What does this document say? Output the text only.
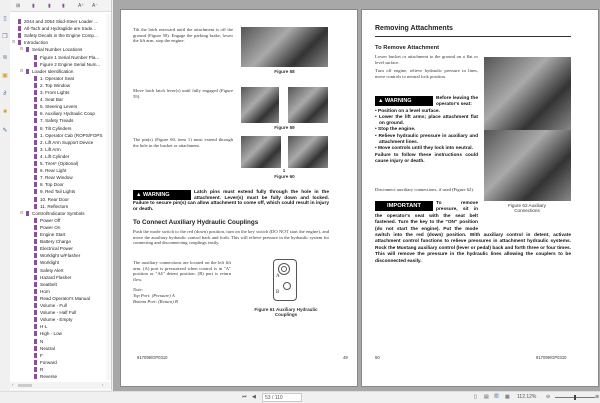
▯
❐
≋
▣
∂
■
✎
⊞ ▮	▮ ▮	A⁺ A⁻
2044 and 2054 Skid-Steer Loader ...
All-Tach and Hydraglide are trade...
Safety Decals in the Engine Comp...
Introduction
⊟
Serial Number Locations
⊟
Figure 1 Serial Number Pla...
Figure 2 Engine Serial Num...
Loader Identification
⊟
1. Operator Seat
2. Top Window
3. Front Lights
4. Seat Bar
5. Steering Levers
6. Auxiliary Hydraulic Coup
7. Safety Treads
8. Tilt Cylinders
1. Operator Cab (ROPS/FOPS
2. Lift Arm Support Device
3. Lift Arm
4. Lift Cylinder
5. Tires* (Optional)
6. Rear Light
7. Rear Window
8. Top Door
9. Red Tail Lights
10. Rear Door
11. Reflectors
Control/Indicator Symbols
⊟
Power Off
Power On
Engine Start
Battery Charge
Electrical Power
Worklight w/Flasher
Worklight
Safety Alert
Hazard Flasher
Seatbelt
Horn
Read Operator's Manual
Volume - Full
Volume - Half Full
Volume - Empty
H-L
High - Low
N
Neutral
F
Forward
R
Reverse
‹	›
Tilt the latch rearward until the attachment is off the ground (Figure 58). Engage the parking brake, lower the lift arm, stop the engine.
Figure 58
Move latch latch lever(s) until fully engaged (Figure 59).
Figure 59
The pin(s) (Figure 60, item 1) must extend through the hole in the bucket or attachment.
1
Figure 60
▲ WARNING	Latch pins must extend fully through the hole in the attachment. Lever(s) must be fully down and locked. Failure to secure pin(s) can allow attachment to come off, which could result in injury or death.
To Connect Auxiliary Hydraulic Couplings
Push the mode switch to the red (down) position, turn on the key switch (DO NOT start the engine), and move the auxiliary hydraulic control back and forth. This will relieve pressure in the hydraulic system for connecting and disconnecting couplings easily.
The auxiliary connections are located on the left lift arm. (A) port is pressurized when control is in "A" position or "Aδ" detent position. (B) port is return flow.
Note:
Top Port: (Pressure) A
Bottom Port: (Return) B
A
B
Figure 61 Auxiliary Hydraulic Couplings
917099/GP0310	49
Removing Attachments
To Remove Attachment
Lower bucket or attachment to the ground on a flat or level surface.
Turn off engine, relieve hydraulic pressure in lines, move controls to neutral lock position.
▲ WARNING	Before leaving the operator's seat:
• Position on a level surface.
• Lower the lift arms; place attachment flat on ground.
• Stop the engine.
• Relieve hydraulic pressure in auxiliary and attachment lines.
• Move controls until they lock into neutral.
Failure to follow these instructions could cause injury or death.
Disconnect auxiliary connections, if used (Figure 62).
Figure 62 Auxiliary Connections
IMPORTANT	To remove pressure, sit in the operator's seat with the seat belt fastened. Turn the key to the "ON" position (do not start the engine). Put the mode switch into the red (down) position. With auxiliary control in detent, activate attachment control functions to relieve pressures in attachment hydraulic systems. Rock the Mustang auxiliary control (lever or pedal) back and forth three or four times. This will remove the pressure in the hydraulic lines allowing the couplers to be disconnected easily.
50	917099/GP0310
⏮ ◀	53 / 110	▯ ▤ ▥ ▦ 112.12% ⊖	⊕
